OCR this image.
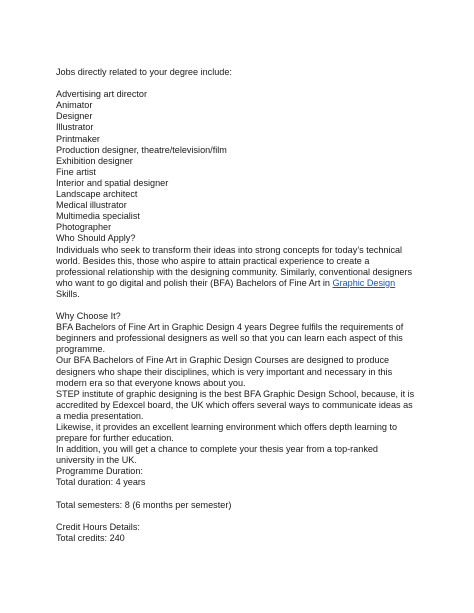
Jobs directly related to your degree include:
Advertising art director
Animator
Designer
Illustrator
Printmaker
Production designer, theatre/television/film
Exhibition designer
Fine artist
Interior and spatial designer
Landscape architect
Medical illustrator
Multimedia specialist
Photographer
Who Should Apply?
Individuals who seek to transform their ideas into strong concepts for today’s technical world. Besides this, those who aspire to attain practical experience to create a professional relationship with the designing community. Similarly, conventional designers who want to go digital and polish their (BFA) Bachelors of Fine Art in Graphic Design Skills.
Why Choose It?
BFA Bachelors of Fine Art in Graphic Design 4 years Degree fulfils the requirements of beginners and professional designers as well so that you can learn each aspect of this programme.
Our BFA Bachelors of Fine Art in Graphic Design Courses are designed to produce designers who shape their disciplines, which is very important and necessary in this modern era so that everyone knows about you.
STEP institute of graphic designing is the best BFA Graphic Design School, because, it is accredited by Edexcel board, the UK which offers several ways to communicate ideas as a media presentation.
Likewise, it provides an excellent learning environment which offers depth learning to prepare for further education.
In addition, you will get a chance to complete your thesis year from a top-ranked university in the UK.
Programme Duration:
Total duration: 4 years
Total semesters: 8 (6 months per semester)
Credit Hours Details:
Total credits: 240
